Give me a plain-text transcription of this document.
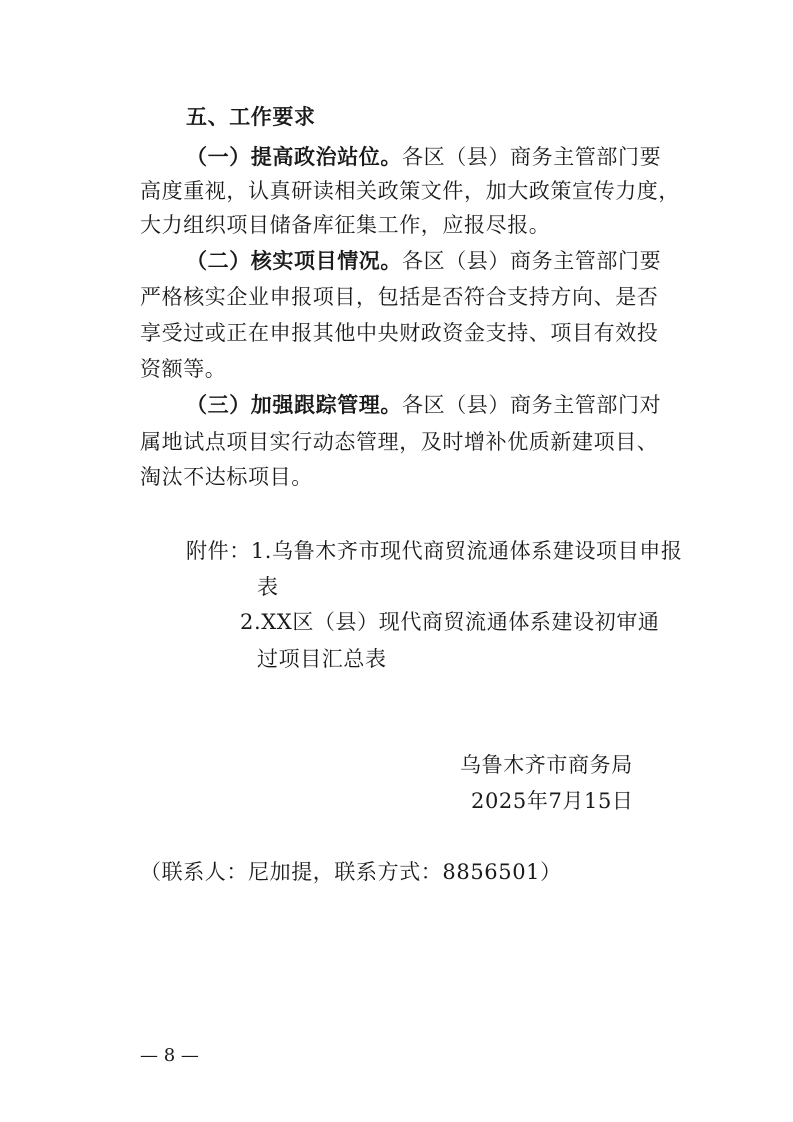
五、工作要求
（一）提高政治站位。各区（县）商务主管部门要
高度重视，认真研读相关政策文件，加大政策宣传力度，
大力组织项目储备库征集工作，应报尽报。
（二）核实项目情况。各区（县）商务主管部门要
严格核实企业申报项目，包括是否符合支持方向、是否
享受过或正在申报其他中央财政资金支持、项目有效投
资额等。
（三）加强跟踪管理。各区（县）商务主管部门对
属地试点项目实行动态管理，及时增补优质新建项目、
淘汰不达标项目。
附件：1.乌鲁木齐市现代商贸流通体系建设项目申报
表
2.XX区（县）现代商贸流通体系建设初审通
过项目汇总表
乌鲁木齐市商务局
2025年7月15日
（联系人：尼加提，联系方式：8856501）
— 8 —
